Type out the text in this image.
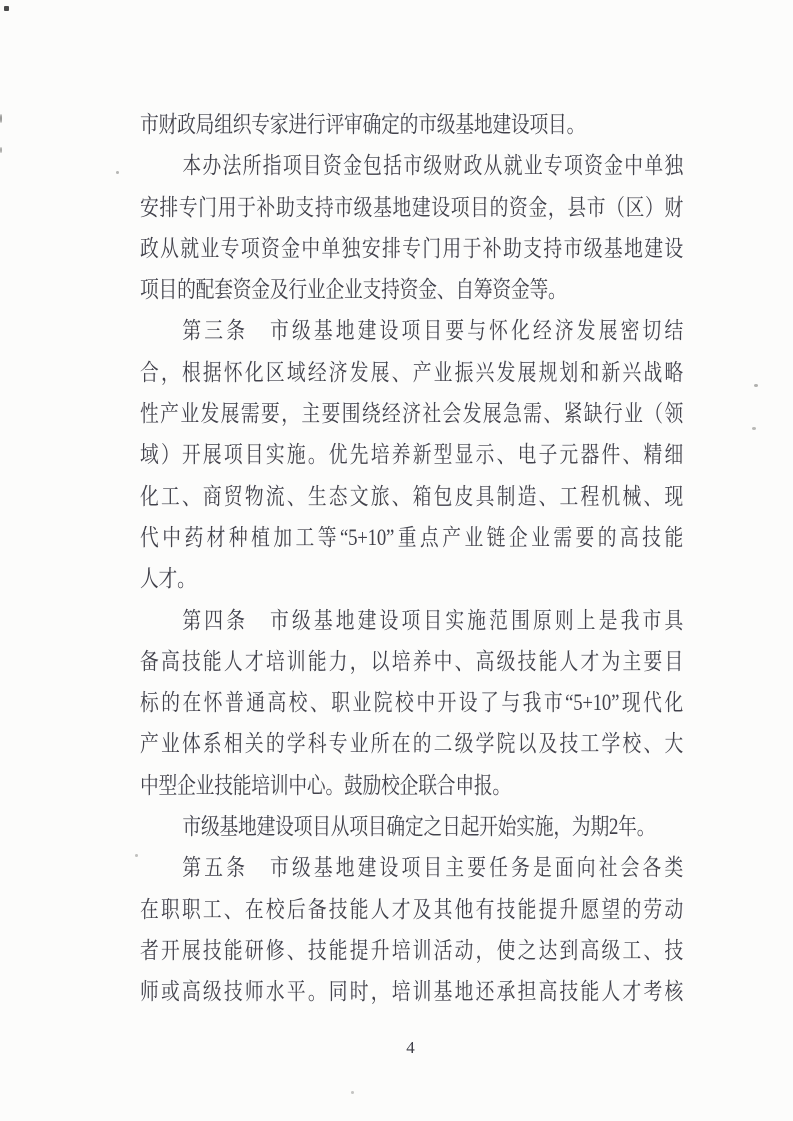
市财政局组织专家进行评审确定的市级基地建设项目。
本办法所指项目资金包括市级财政从就业专项资金中单独
安排专门用于补助支持市级基地建设项目的资金，县市（区）财
政从就业专项资金中单独安排专门用于补助支持市级基地建设
项目的配套资金及行业企业支持资金、自筹资金等。
第三条　市级基地建设项目要与怀化经济发展密切结
合，根据怀化区域经济发展、产业振兴发展规划和新兴战略
性产业发展需要，主要围绕经济社会发展急需、紧缺行业（领
域）开展项目实施。优先培养新型显示、电子元器件、精细
化工、商贸物流、生态文旅、箱包皮具制造、工程机械、现
代中药材种植加工等“5+10”重点产业链企业需要的高技能
人才。
第四条　市级基地建设项目实施范围原则上是我市具
备高技能人才培训能力，以培养中、高级技能人才为主要目
标的在怀普通高校、职业院校中开设了与我市“5+10”现代化
产业体系相关的学科专业所在的二级学院以及技工学校、大
中型企业技能培训中心。鼓励校企联合申报。
市级基地建设项目从项目确定之日起开始实施，为期2年。
第五条　市级基地建设项目主要任务是面向社会各类
在职职工、在校后备技能人才及其他有技能提升愿望的劳动
者开展技能研修、技能提升培训活动，使之达到高级工、技
师或高级技师水平。同时，培训基地还承担高技能人才考核
4
